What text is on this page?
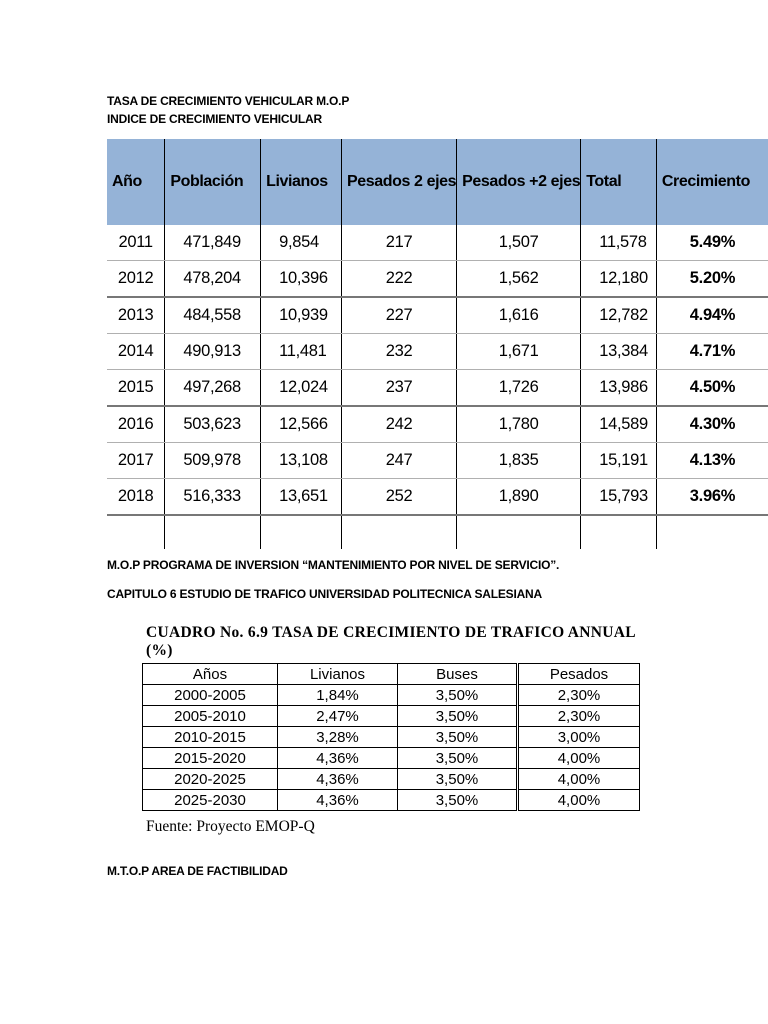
TASA DE CRECIMIENTO VEHICULAR M.O.P

INDICE DE CRECIMIENTO VEHICULAR

Año	Población	Livianos	Pesados 2 ejes	Pesados +2 ejes	Total	Crecimiento
2011	471,849	9,854	217	1,507	11,578	5.49%
2012	478,204	10,396	222	1,562	12,180	5.20%
2013	484,558	10,939	227	1,616	12,782	4.94%
2014	490,913	11,481	232	1,671	13,384	4.71%
2015	497,268	12,024	237	1,726	13,986	4.50%
2016	503,623	12,566	242	1,780	14,589	4.30%
2017	509,978	13,108	247	1,835	15,191	4.13%
2018	516,333	13,651	252	1,890	15,793	3.96%

M.O.P PROGRAMA DE INVERSION “MANTENIMIENTO POR NIVEL DE SERVICIO”.

CAPITULO 6 ESTUDIO DE TRAFICO UNIVERSIDAD POLITECNICA SALESIANA

CUADRO No. 6.9 TASA DE CRECIMIENTO DE TRAFICO ANNUAL (%)

Años	Livianos	Buses	Pesados
2000-2005	1,84%	3,50%	2,30%
2005-2010	2,47%	3,50%	2,30%
2010-2015	3,28%	3,50%	3,00%
2015-2020	4,36%	3,50%	4,00%
2020-2025	4,36%	3,50%	4,00%
2025-2030	4,36%	3,50%	4,00%

Fuente: Proyecto EMOP-Q

M.T.O.P AREA DE FACTIBILIDAD
